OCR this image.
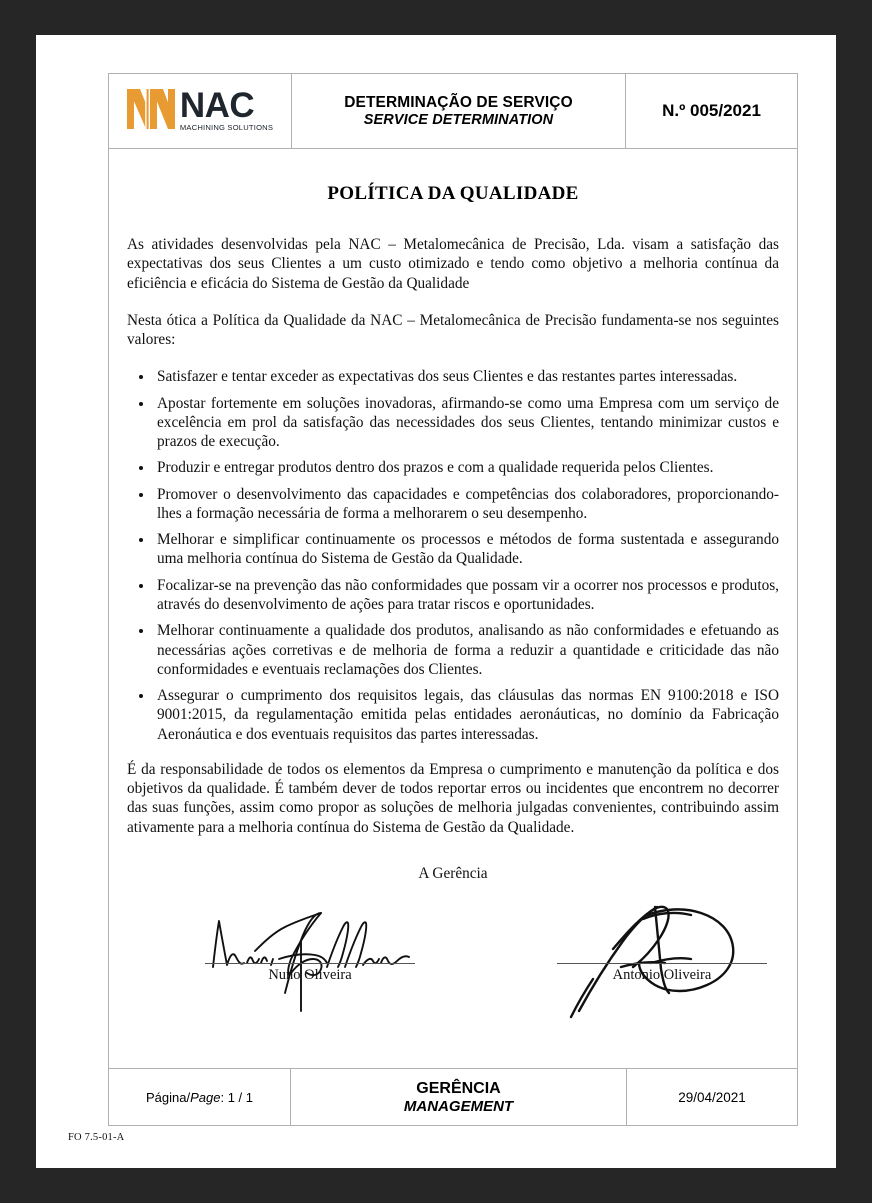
NAC
MACHINING SOLUTIONS
DETERMINAÇÃO DE SERVIÇO
SERVICE DETERMINATION	N.º 005/2021
POLÍTICA DA QUALIDADE

As atividades desenvolvidas pela NAC – Metalomecânica de Precisão, Lda. visam a satisfação das expectativas dos seus Clientes a um custo otimizado e tendo como objetivo a melhoria contínua da eficiência e eficácia do Sistema de Gestão da Qualidade

Nesta ótica a Política da Qualidade da NAC – Metalomecânica de Precisão fundamenta-se nos seguintes valores:

Satisfazer e tentar exceder as expectativas dos seus Clientes e das restantes partes interessadas.
Apostar fortemente em soluções inovadoras, afirmando-se como uma Empresa com um serviço de excelência em prol da satisfação das necessidades dos seus Clientes, tentando minimizar custos e prazos de execução.
Produzir e entregar produtos dentro dos prazos e com a qualidade requerida pelos Clientes.
Promover o desenvolvimento das capacidades e competências dos colaboradores, proporcionando-lhes a formação necessária de forma a melhorarem o seu desempenho.
Melhorar e simplificar continuamente os processos e métodos de forma sustentada e assegurando uma melhoria contínua do Sistema de Gestão da Qualidade.
Focalizar-se na prevenção das não conformidades que possam vir a ocorrer nos processos e produtos, através do desenvolvimento de ações para tratar riscos e oportunidades.
Melhorar continuamente a qualidade dos produtos, analisando as não conformidades e efetuando as necessárias ações corretivas e de melhoria de forma a reduzir a quantidade e criticidade das não conformidades e eventuais reclamações dos Clientes.
Assegurar o cumprimento dos requisitos legais, das cláusulas das normas EN 9100:2018 e ISO 9001:2015, da regulamentação emitida pelas entidades aeronáuticas, no domínio da Fabricação Aeronáutica e dos eventuais requisitos das partes interessadas.

É da responsabilidade de todos os elementos da Empresa o cumprimento e manutenção da política e dos objetivos da qualidade. É também dever de todos reportar erros ou incidentes que encontrem no decorrer das suas funções, assim como propor as soluções de melhoria julgadas convenientes, contribuindo assim ativamente para a melhoria contínua do Sistema de Gestão da Qualidade.

A Gerência
Nuno Oliveira	Antonio Oliveira
Página/Page: 1 / 1
GERÊNCIA
MANAGEMENT
29/04/2021
FO 7.5-01-A
